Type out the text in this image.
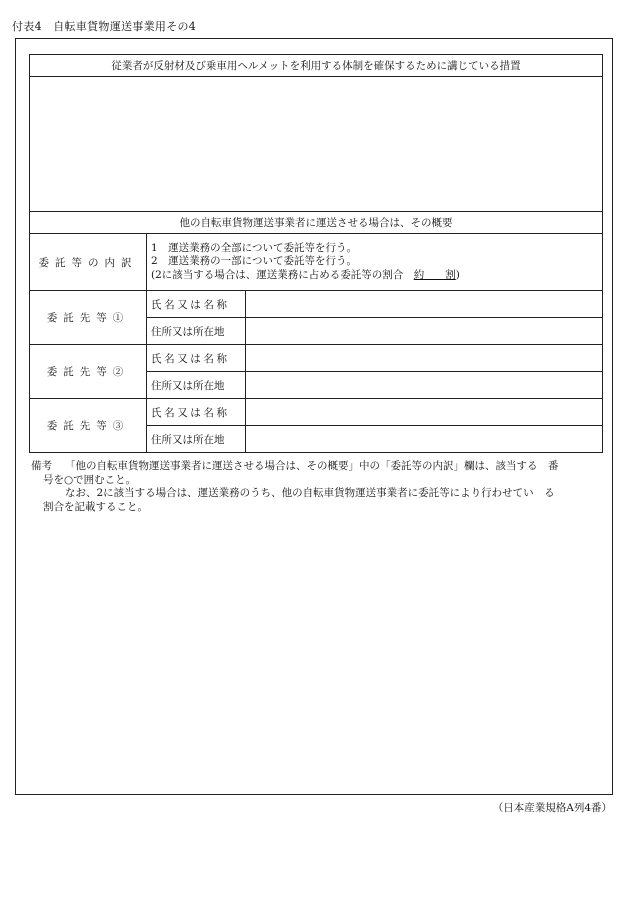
付表4　自転車貨物運送事業用その4
従業者が反射材及び乗車用ヘルメットを利用する体制を確保するために講じている措置		

他の自転車貨物運送事業者に運送させる場合は、その概要		
委託等の内訳	1　運送業務の全部について委託等を行う。
2　運送業務の一部について委託等を行う。
(2に該当する場合は、運送業務に占める委託等の割合　約　　割)	

委託先等①	氏名又は名称	
	住所又は所在地	
委託先等②	氏名又は名称	
	住所又は所在地	
委託先等③	氏名又は名称	
	住所又は所在地	
備考	「他の自転車貨物運送事業者に運送させる場合は、その概要」中の「委託等の内訳」欄は、該当する　番
号を○で囲むこと。
なお、2に該当する場合は、運送業務のうち、他の自転車貨物運送事業者に委託等により行わせてい　る
割合を記載すること。
（日本産業規格A列4番）
